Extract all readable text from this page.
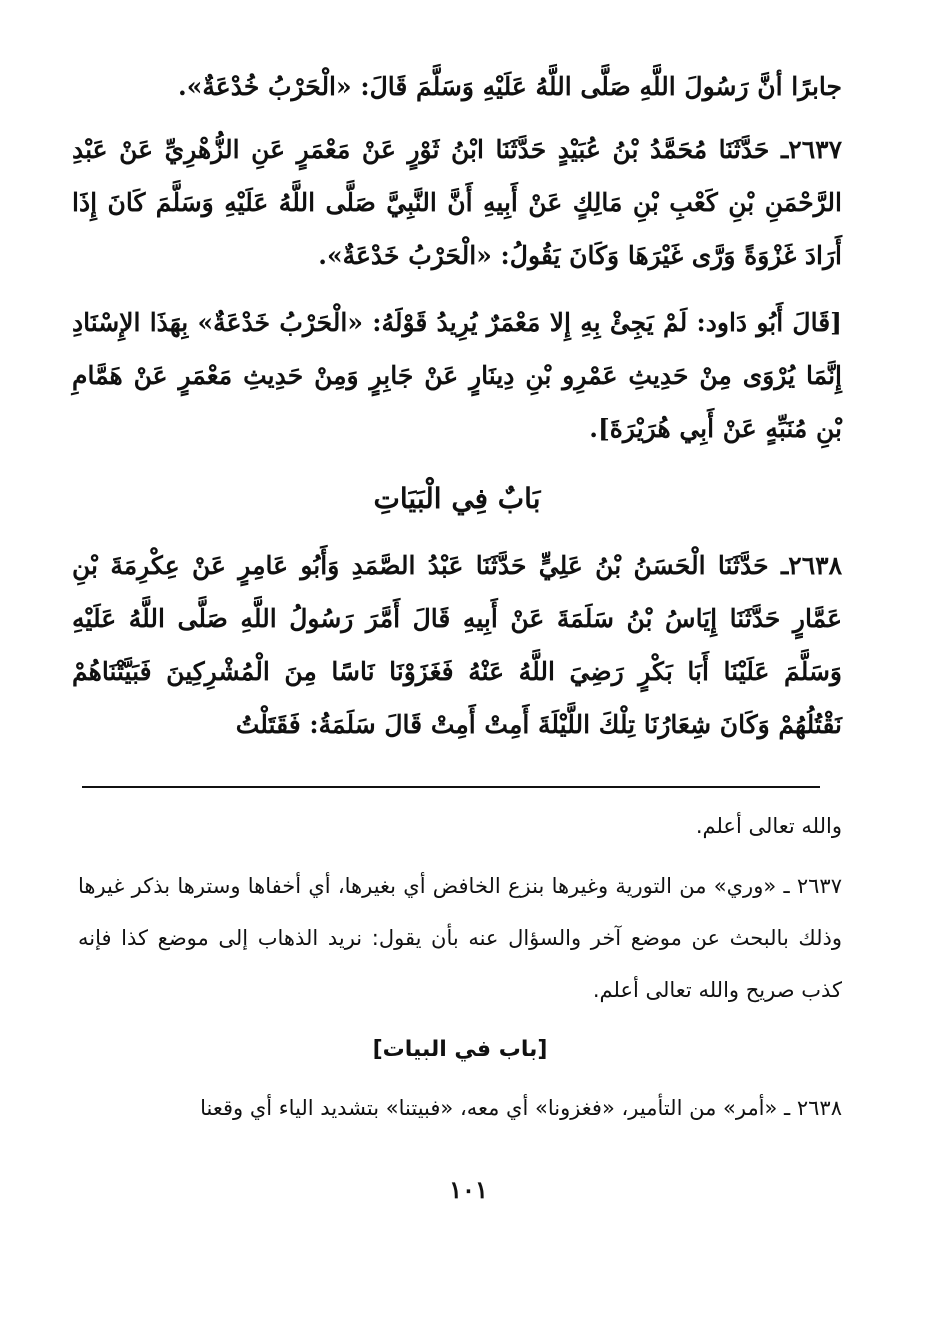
جابرًا أنَّ رَسُولَ اللَّهِ صَلَّى اللَّهُ عَلَيْهِ وَسَلَّمَ قَالَ: «الْحَرْبُ خُدْعَةٌ».

٢٦٣٧ـ حَدَّثَنَا مُحَمَّدُ بْنُ عُبَيْدٍ حَدَّثَنَا ابْنُ ثَوْرٍ عَنْ مَعْمَرٍ عَنِ الزُّهْرِيِّ عَنْ عَبْدِ الرَّحْمَنِ بْنِ كَعْبِ بْنِ مَالِكٍ عَنْ أَبِيهِ أَنَّ النَّبِيَّ صَلَّى اللَّهُ عَلَيْهِ وَسَلَّمَ كَانَ إِذَا أَرَادَ غَزْوَةً وَرَّى غَيْرَهَا وَكَانَ يَقُولُ: «الْحَرْبُ خَدْعَةٌ».

[قَالَ أَبُو دَاود: لَمْ يَجِئْ بِهِ إِلا مَعْمَرٌ يُرِيدُ قَوْلَهُ: «الْحَرْبُ خَدْعَةٌ» بِهَذَا الإِسْنَادِ إِنَّمَا يُرْوَى مِنْ حَدِيثِ عَمْرِو بْنِ دِينَارٍ عَنْ جَابِرٍ وَمِنْ حَدِيثِ مَعْمَرٍ عَنْ هَمَّامِ بْنِ مُنَبِّهٍ عَنْ أَبِي هُرَيْرَةَ].

بَابٌ فِي الْبَيَاتِ

٢٦٣٨ـ حَدَّثَنَا الْحَسَنُ بْنُ عَلِيٍّ حَدَّثَنَا عَبْدُ الصَّمَدِ وَأَبُو عَامِرٍ عَنْ عِكْرِمَةَ بْنِ عَمَّارٍ حَدَّثَنَا إِيَاسُ بْنُ سَلَمَةَ عَنْ أَبِيهِ قَالَ أَمَّرَ رَسُولُ اللَّهِ صَلَّى اللَّهُ عَلَيْهِ وَسَلَّمَ عَلَيْنَا أَبَا بَكْرٍ رَضِيَ اللَّهُ عَنْهُ فَغَزَوْنَا نَاسًا مِنَ الْمُشْرِكِينَ فَبَيَّتْنَاهُمْ نَقْتُلُهُمْ وَكَانَ شِعَارُنَا تِلْكَ اللَّيْلَةَ أَمِتْ أَمِتْ قَالَ سَلَمَةُ: فَقَتَلْتُ

والله تعالى أعلم.

٢٦٣٧ ـ «وري» من التورية وغيرها بنزع الخافض أي بغيرها، أي أخفاها وسترها بذكر غيرها وذلك بالبحث عن موضع آخر والسؤال عنه بأن يقول: نريد الذهاب إلى موضع كذا فإنه كذب صريح والله تعالى أعلم.

[باب في البيات]

٢٦٣٨ ـ «أمر» من التأمير، «فغزونا» أي معه، «فبيتنا» بتشديد الياء أي وقعنا

١٠١
